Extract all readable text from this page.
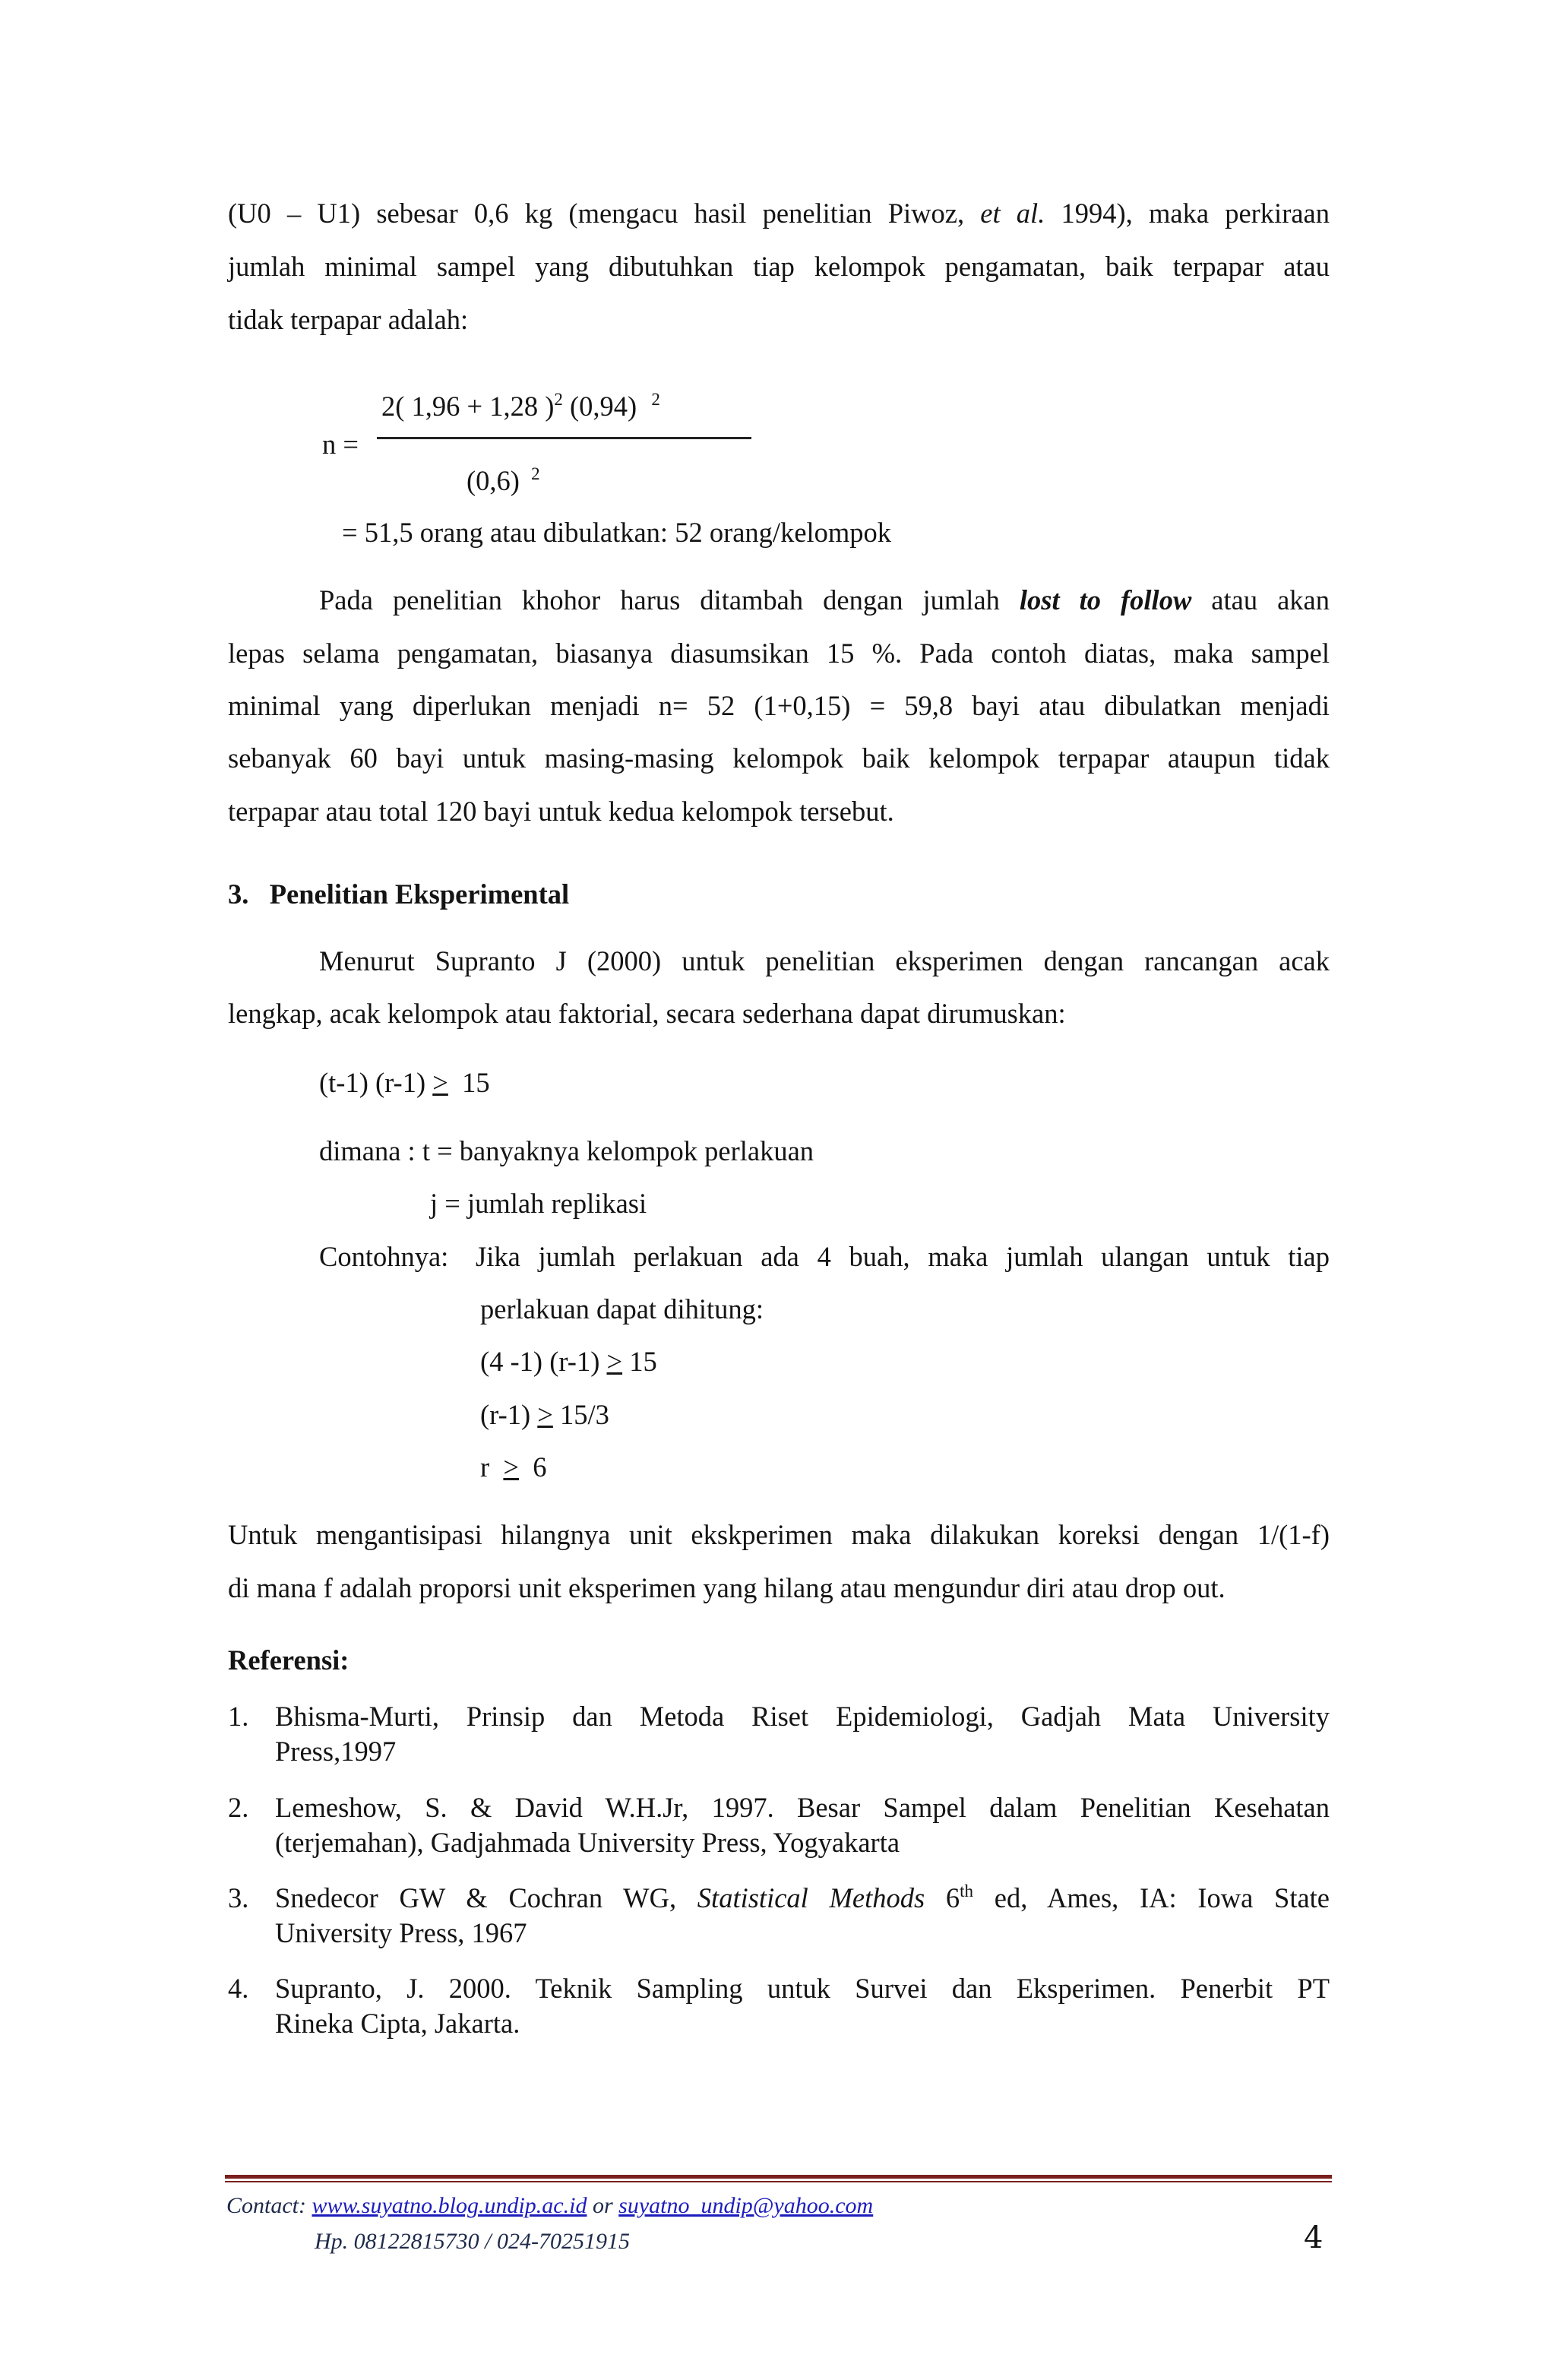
(U0 – U1) sebesar 0,6 kg (mengacu hasil penelitian Piwoz, et al. 1994), maka perkiraan
jumlah minimal sampel yang dibutuhkan tiap kelompok pengamatan, baik terpapar atau
tidak terpapar adalah:
2( 1,96 + 1,28 )$^2$ (0,94) $^2$
n =
(0,6) $^2$
= 51,5 orang atau dibulatkan: 52 orang/kelompok
Pada penelitian khohor harus ditambah dengan jumlah lost to follow atau akan
lepas selama pengamatan, biasanya diasumsikan 15 %. Pada contoh diatas, maka sampel
minimal yang diperlukan menjadi n= 52 (1+0,15) = 59,8 bayi atau dibulatkan menjadi
sebanyak 60 bayi untuk masing-masing kelompok baik kelompok terpapar ataupun tidak
terpapar atau total 120 bayi untuk kedua kelompok tersebut.
3.   Penelitian Eksperimental
Menurut Supranto J (2000) untuk penelitian eksperimen dengan rancangan acak
lengkap, acak kelompok atau faktorial, secara sederhana dapat dirumuskan:
(t-1) (r-1) ≥  15
dimana : t = banyaknya kelompok perlakuan
j = jumlah replikasi
Contohnya: Jika jumlah perlakuan ada 4 buah, maka jumlah ulangan untuk tiap
perlakuan dapat dihitung:
(4 -1) (r-1) ≥ 15
(r-1) ≥ 15/3
r  ≥  6
Untuk mengantisipasi hilangnya unit ekskperimen maka dilakukan koreksi dengan 1/(1-f)
di mana f adalah proporsi unit eksperimen yang hilang atau mengundur diri atau drop out.
Referensi:
1. Bhisma-Murti, Prinsip dan Metoda Riset Epidemiologi, Gadjah Mata University
Press,1997
2. Lemeshow, S. & David W.H.Jr, 1997. Besar Sampel dalam Penelitian Kesehatan
(terjemahan), Gadjahmada University Press, Yogyakarta
3. Snedecor GW & Cochran WG, Statistical Methods 6th ed, Ames, IA: Iowa State
University Press, 1967
4. Supranto, J. 2000. Teknik Sampling untuk Survei dan Eksperimen. Penerbit PT
Rineka Cipta, Jakarta.
Contact: www.suyatno.blog.undip.ac.id or suyatno_undip@yahoo.com
Hp. 08122815730 / 024-70251915	4
